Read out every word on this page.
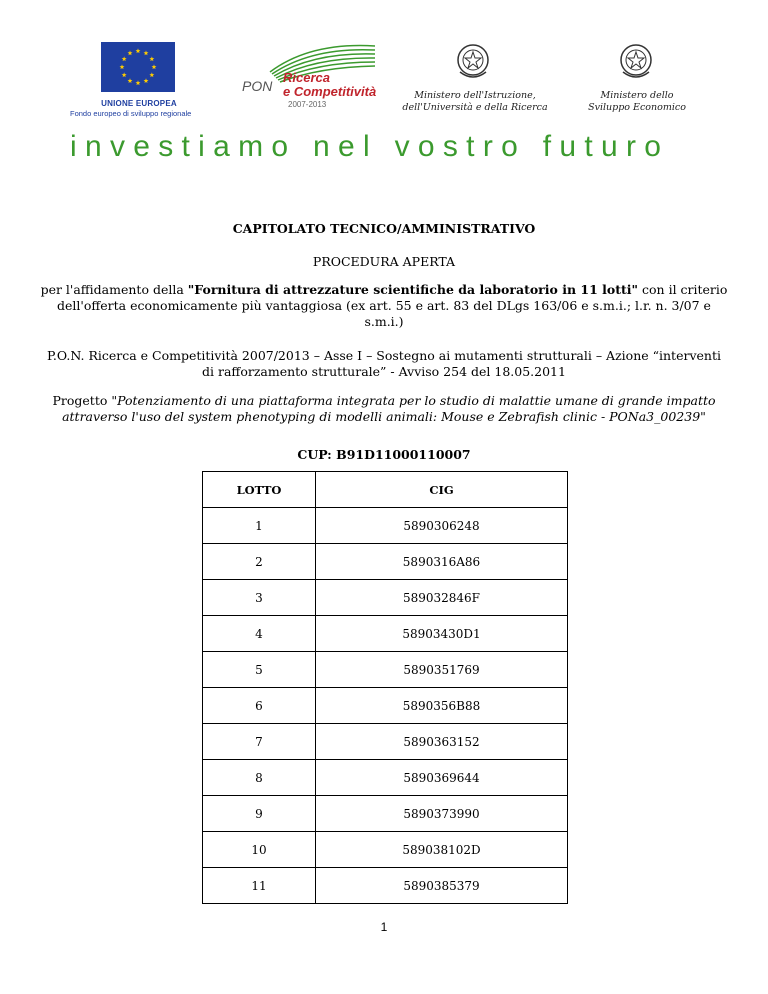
UNIONE EUROPEA
Fondo europeo di sviluppo regionale
PON
Ricerca
e Competitività
2007-2013
Ministero dell'Istruzione,
dell'Università e della Ricerca
Ministero dello
Sviluppo Economico
investiamo nel vostro futuro
CAPITOLATO TECNICO/AMMINISTRATIVO
PROCEDURA APERTA
per l'affidamento della "Fornitura di attrezzature scientifiche da laboratorio in 11 lotti" con il criterio dell'offerta economicamente più vantaggiosa (ex art. 55 e art. 83 del DLgs 163/06 e s.m.i.; l.r. n. 3/07 e s.m.i.)
P.O.N. Ricerca e Competitività 2007/2013 – Asse I – Sostegno ai mutamenti strutturali – Azione “interventi di rafforzamento strutturale” - Avviso 254 del 18.05.2011
Progetto "Potenziamento di una piattaforma integrata per lo studio di malattie umane di grande impatto attraverso l'uso del system phenotyping di modelli animali: Mouse e Zebrafish clinic - PONa3_00239"
CUP: B91D11000110007
LOTTO	CIG
1	5890306248
2	5890316A86
3	589032846F
4	58903430D1
5	5890351769
6	5890356B88
7	5890363152
8	5890369644
9	5890373990
10	589038102D
11	5890385379
1
